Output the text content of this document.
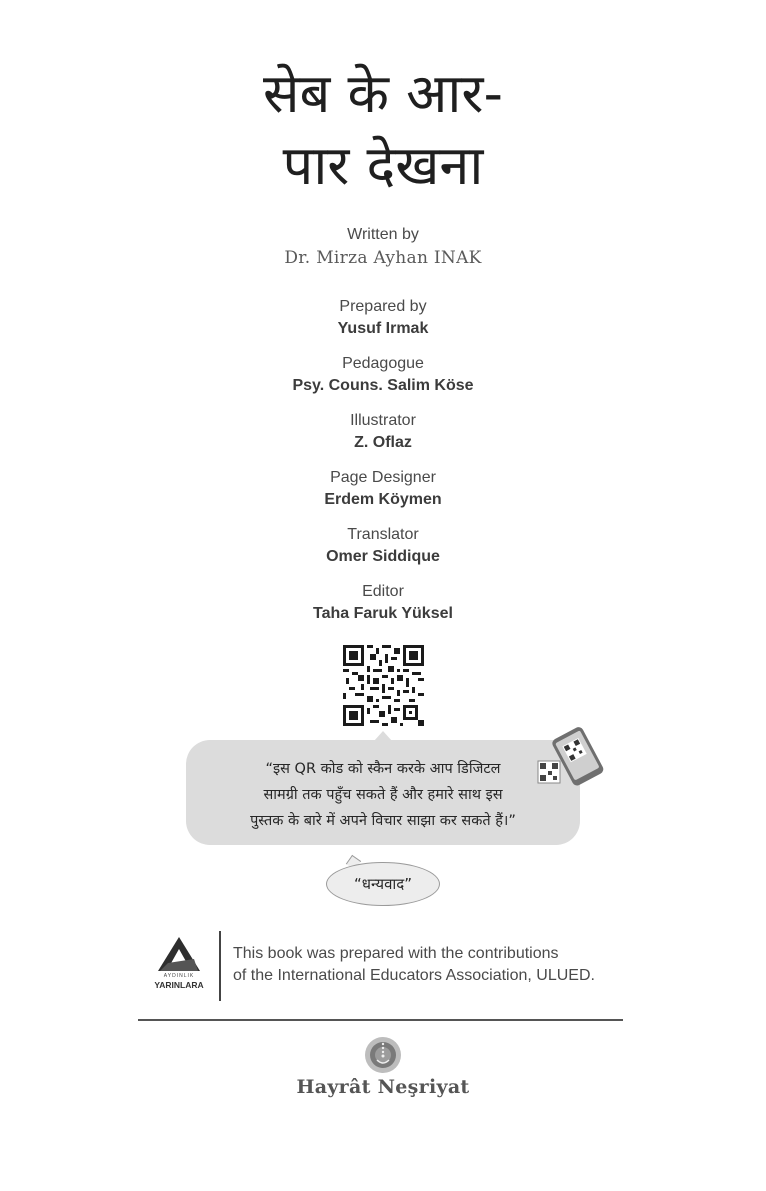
सेब के आर-
पार देखना
Written by
Dr. Mirza Ayhan INAK
Prepared by
Yusuf Irmak
Pedagogue
Psy. Couns. Salim Köse
Illustrator
Z. Oflaz
Page Designer
Erdem Köymen
Translator
Omer Siddique
Editor
Taha Faruk Yüksel
“इस QR कोड को स्कैन करके आप डिजिटल
सामग्री तक पहुँच सकते हैं और हमारे साथ इस
पुस्तक के बारे में अपने विचार साझा कर सकते हैं।”
“धन्यवाद”
AYDINLIK
YARINLARA
This book was prepared with the contributions
of the International Educators Association, ULUED.
Hayrât Neşriyat
